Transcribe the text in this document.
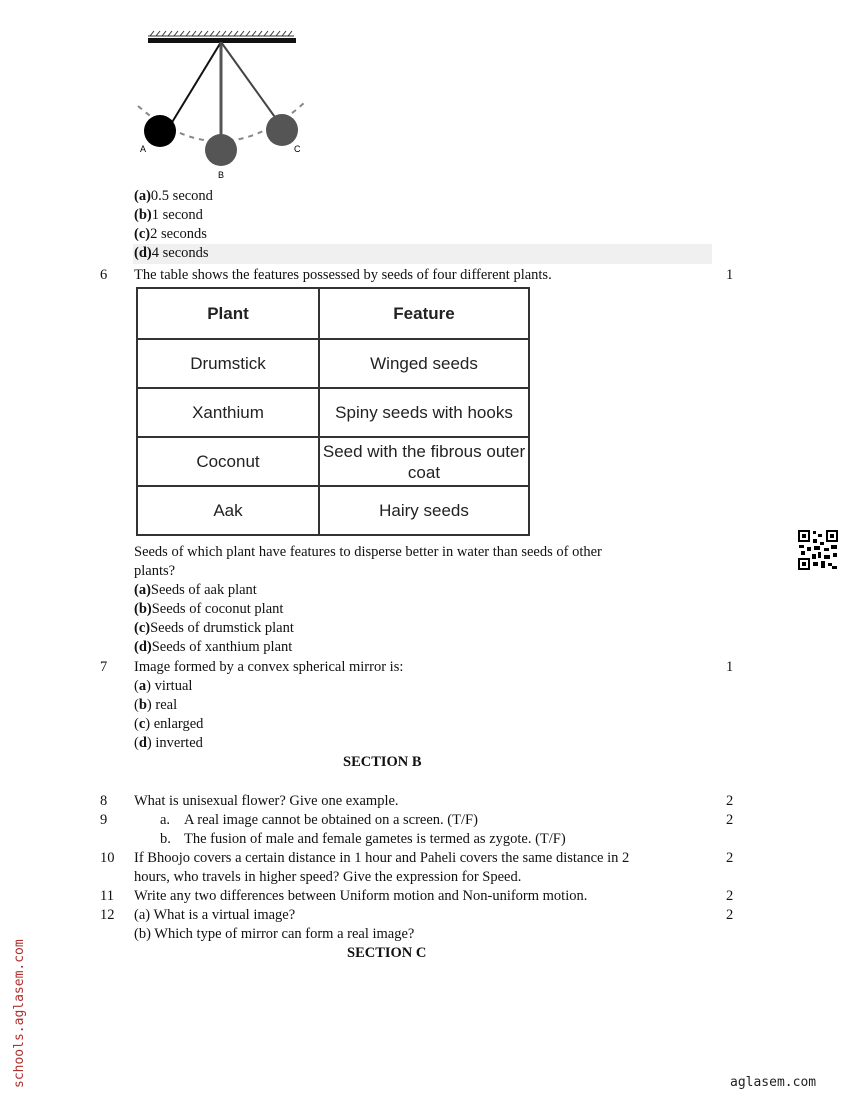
A
B
C
(a)0.5 second
(b)1 second
(c)2 seconds
(d)4 seconds
6 The table shows the features possessed by seeds of four different plants.	1
Plant	Feature
Drumstick	Winged seeds
Xanthium	Spiny seeds with hooks
Coconut	Seed with the fibrous outer coat
Aak	Hairy seeds
Seeds of which plant have features to disperse better in water than seeds of other
plants?
(a)Seeds of aak plant
(b)Seeds of coconut plant
(c)Seeds of drumstick plant
(d)Seeds of xanthium plant
7 Image formed by a convex spherical mirror is:	1
(a) virtual
(b) real
(c) enlarged
(d) inverted
SECTION B
8 What is unisexual flower? Give one example.	2
9	a. A real image cannot be obtained on a screen. (T/F)	2
b. The fusion of male and female gametes is termed as zygote. (T/F)
10 If Bhoojo covers a certain distance in 1 hour and Paheli covers the same distance in 2	2
hours, who travels in higher speed? Give the expression for Speed.
11 Write any two differences between Uniform motion and Non-uniform motion.	2
12 (a) What is a virtual image?	2
(b) Which type of mirror can form a real image?
SECTION C
schools.aglasem.com	aglasem.com
